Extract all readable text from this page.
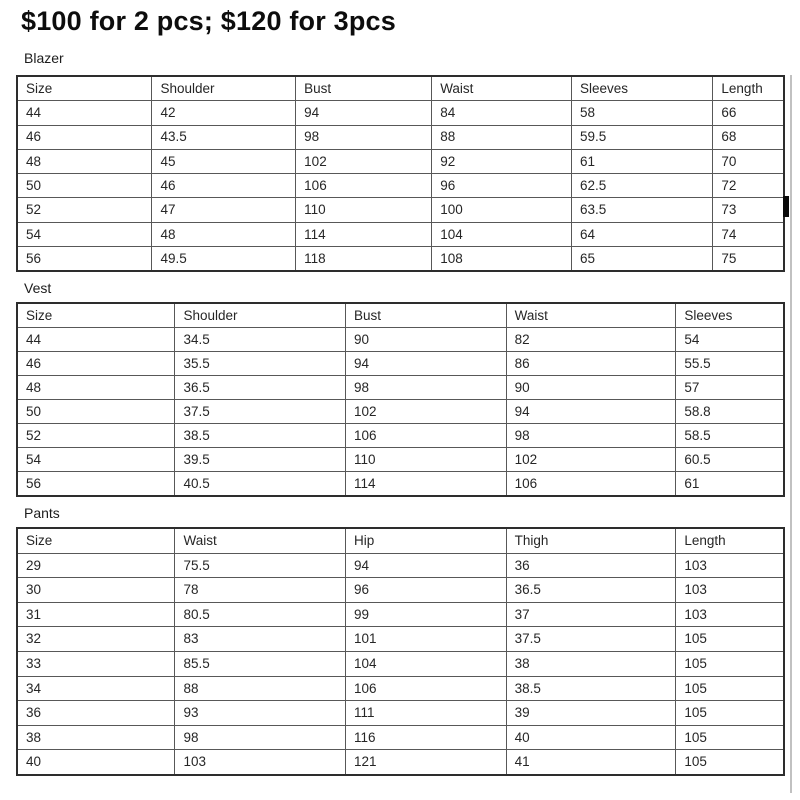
$100 for 2 pcs; $120 for 3pcs
Blazer
Size	Shoulder	Bust	Waist	Sleeves	Length
44	42	94	84	58	66
46	43.5	98	88	59.5	68
48	45	102	92	61	70
50	46	106	96	62.5	72
52	47	110	100	63.5	73
54	48	114	104	64	74
56	49.5	118	108	65	75
Vest
Size	Shoulder	Bust	Waist	Sleeves
44	34.5	90	82	54
46	35.5	94	86	55.5
48	36.5	98	90	57
50	37.5	102	94	58.8
52	38.5	106	98	58.5
54	39.5	110	102	60.5
56	40.5	114	106	61
Pants
Size	Waist	Hip	Thigh	Length
29	75.5	94	36	103
30	78	96	36.5	103
31	80.5	99	37	103
32	83	101	37.5	105
33	85.5	104	38	105
34	88	106	38.5	105
36	93	111	39	105
38	98	116	40	105
40	103	121	41	105
